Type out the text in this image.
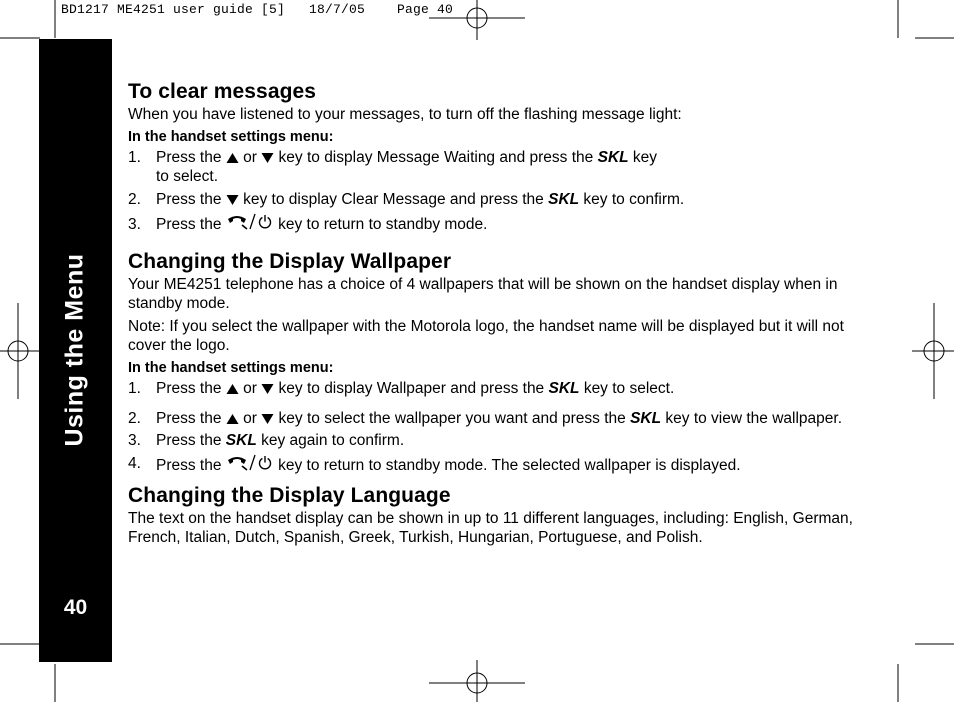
BD1217 ME4251 user guide [5]   18/7/05    Page 40
Using the Menu
40
To clear messages

When you have listened to your messages, to turn off the flashing message light:

In the handset settings menu:
1. Press the or key to display Message Waiting and press the SKL key
to select.
2. Press the key to display Clear Message and press the SKL key to confirm.
3. Press the	key to return to standby mode.
Changing the Display Wallpaper

Your ME4251 telephone has a choice of 4 wallpapers that will be shown on the handset display when in standby mode.

Note: If you select the wallpaper with the Motorola logo, the handset name will be displayed but it will not cover the logo.

In the handset settings menu:
1. Press the or key to display Wallpaper and press the SKL key to select.
2. Press the or key to select the wallpaper you want and press the SKL key to view the wallpaper.
3. Press the SKL key again to confirm.
4. Press the	key to return to standby mode. The selected wallpaper is displayed.
Changing the Display Language

The text on the handset display can be shown in up to 11 different languages, including: English, German, French, Italian, Dutch, Spanish, Greek, Turkish, Hungarian, Portuguese, and Polish.
